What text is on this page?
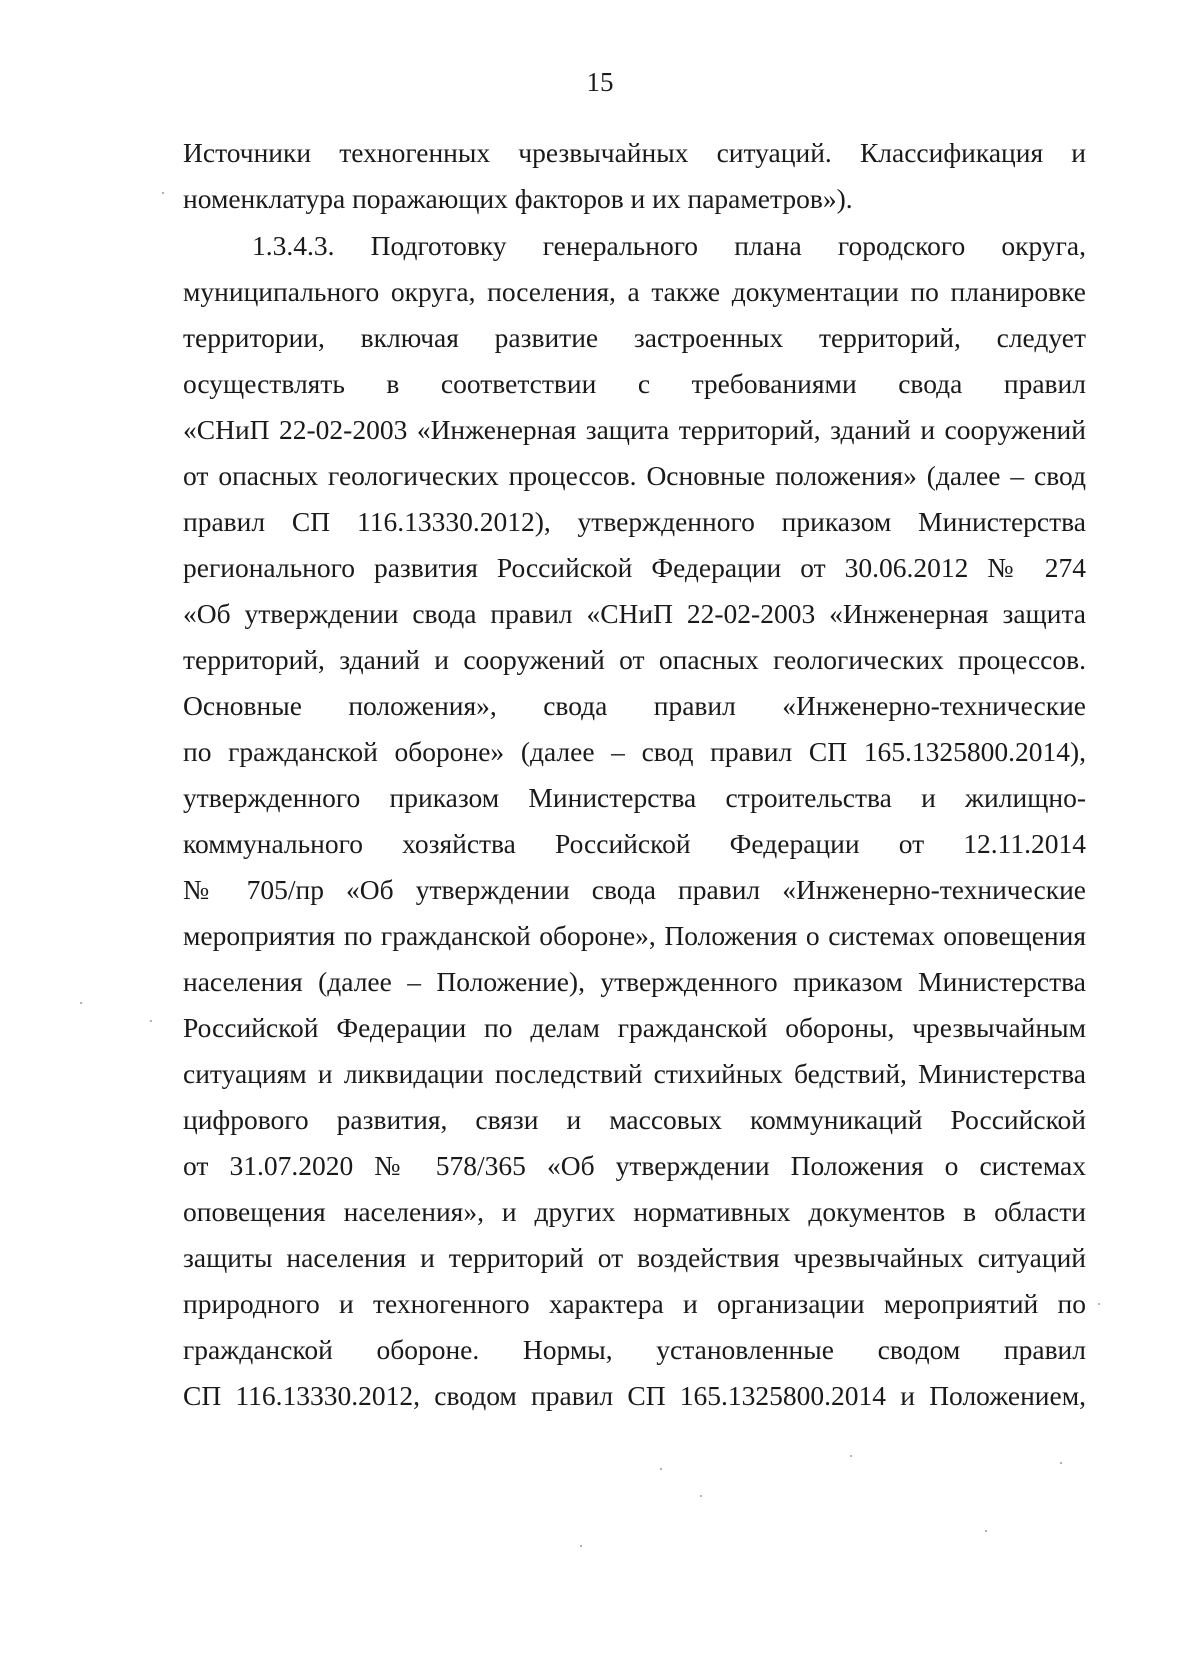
15
Источники техногенных чрезвычайных ситуаций. Классификация и
номенклатура поражающих факторов и их параметров»).
1.3.4.3. Подготовку генерального плана городского округа,
муниципального округа, поселения, а также документации по планировке
территории, включая развитие застроенных территорий, следует
осуществлять в соответствии с требованиями свода правил
«СНиП 22-02-2003 «Инженерная защита территорий, зданий и сооружений
от опасных геологических процессов. Основные положения» (далее – свод
правил СП 116.13330.2012), утвержденного приказом Министерства
регионального развития Российской Федерации от 30.06.2012 № 274
«Об утверждении свода правил «СНиП 22-02-2003 «Инженерная защита
территорий, зданий и сооружений от опасных геологических процессов.
Основные положения», свода правил «Инженерно-технические
по гражданской обороне» (далее – свод правил СП 165.1325800.2014),
утвержденного приказом Министерства строительства и жилищно-
коммунального хозяйства Российской Федерации от 12.11.2014
№ 705/пр «Об утверждении свода правил «Инженерно-технические
мероприятия по гражданской обороне», Положения о системах оповещения
населения (далее – Положение), утвержденного приказом Министерства
Российской Федерации по делам гражданской обороны, чрезвычайным
ситуациям и ликвидации последствий стихийных бедствий, Министерства
цифрового развития, связи и массовых коммуникаций Российской
от 31.07.2020 № 578/365 «Об утверждении Положения о системах
оповещения населения», и других нормативных документов в области
защиты населения и территорий от воздействия чрезвычайных ситуаций
природного и техногенного характера и организации мероприятий по
гражданской обороне. Нормы, установленные сводом правил
СП 116.13330.2012, сводом правил СП 165.1325800.2014 и Положением,
